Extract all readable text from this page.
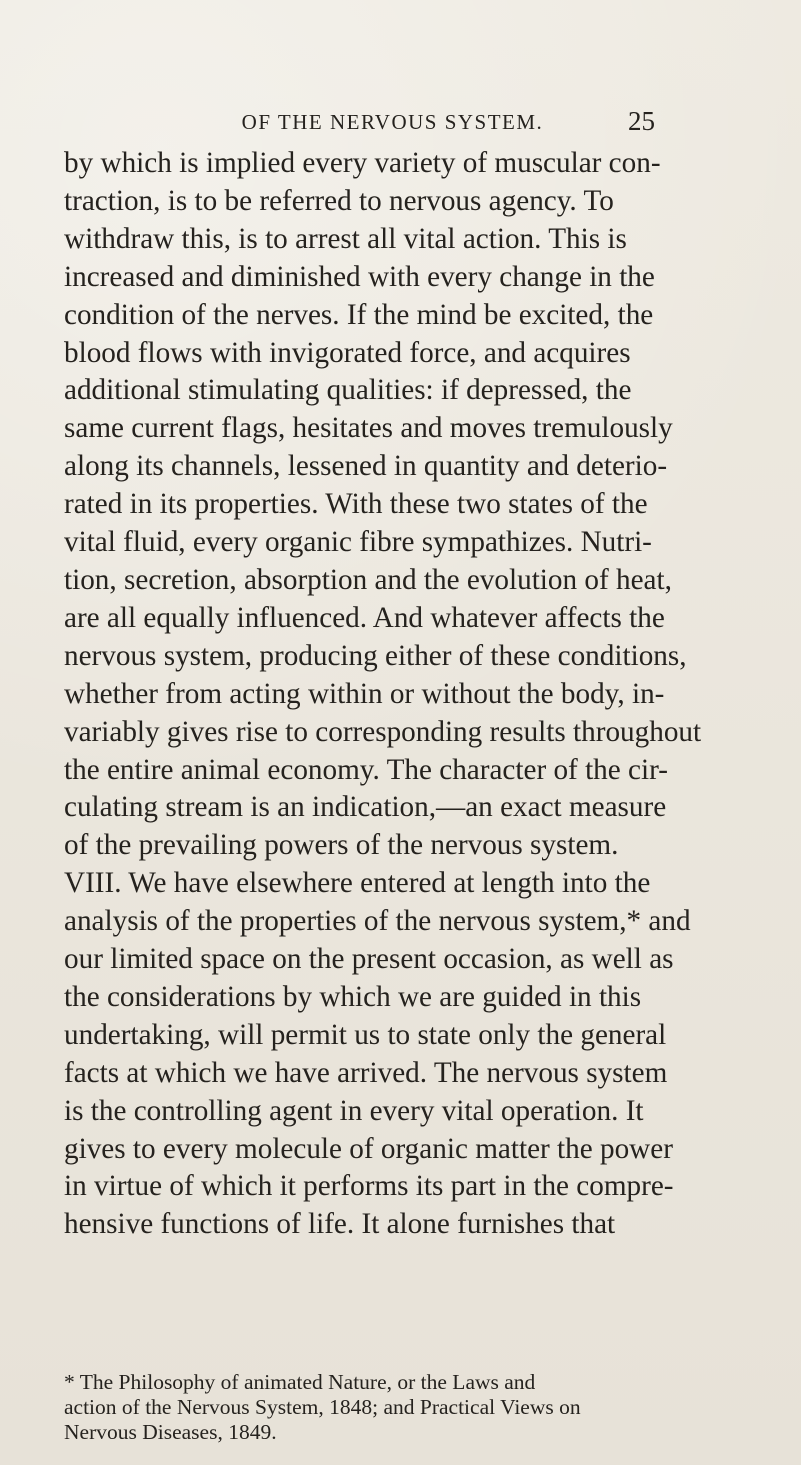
OF THE NERVOUS SYSTEM.	25
by which is implied every variety of muscular con-
traction, is to be referred to nervous agency. To
withdraw this, is to arrest all vital action. This is
increased and diminished with every change in the
condition of the nerves. If the mind be excited, the
blood flows with invigorated force, and acquires
additional stimulating qualities: if depressed, the
same current flags, hesitates and moves tremulously
along its channels, lessened in quantity and deterio-
rated in its properties. With these two states of the
vital fluid, every organic fibre sympathizes. Nutri-
tion, secretion, absorption and the evolution of heat,
are all equally influenced. And whatever affects the
nervous system, producing either of these conditions,
whether from acting within or without the body, in-
variably gives rise to corresponding results throughout
the entire animal economy. The character of the cir-
culating stream is an indication,—an exact measure
of the prevailing powers of the nervous system.
VIII. We have elsewhere entered at length into the
analysis of the properties of the nervous system,* and
our limited space on the present occasion, as well as
the considerations by which we are guided in this
undertaking, will permit us to state only the general
facts at which we have arrived. The nervous system
is the controlling agent in every vital operation. It
gives to every molecule of organic matter the power
in virtue of which it performs its part in the compre-
hensive functions of life. It alone furnishes that
* The Philosophy of animated Nature, or the Laws and
action of the Nervous System, 1848; and Practical Views on
Nervous Diseases, 1849.
